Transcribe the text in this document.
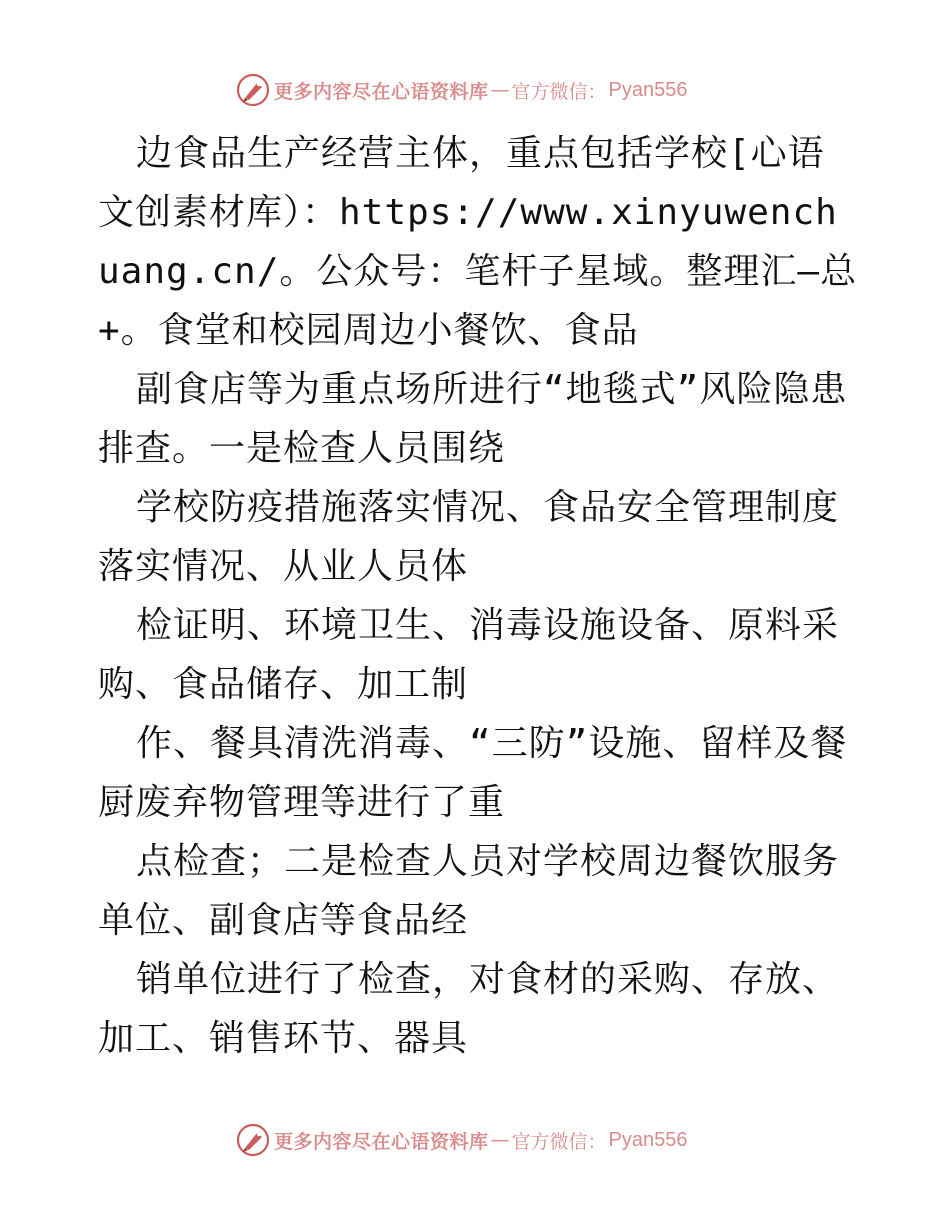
更多内容尽在心语资料库 — 官方微信： Pyan556

边食品生产经营主体，重点包括学校[心语文创素材库）：https://www.xinyuwenchuang.cn/。公众号：笔杆子星域。整理汇—总+。食堂和校园周边小餐饮、食品

副食店等为重点场所进行“地毯式”风险隐患排查。一是检查人员围绕

学校防疫措施落实情况、食品安全管理制度落实情况、从业人员体

检证明、环境卫生、消毒设施设备、原料采购、食品储存、加工制

作、餐具清洗消毒、“三防”设施、留样及餐厨废弃物管理等进行了重

点检查；二是检查人员对学校周边餐饮服务单位、副食店等食品经

销单位进行了检查，对食材的采购、存放、加工、销售环节、器具

更多内容尽在心语资料库 — 官方微信： Pyan556
